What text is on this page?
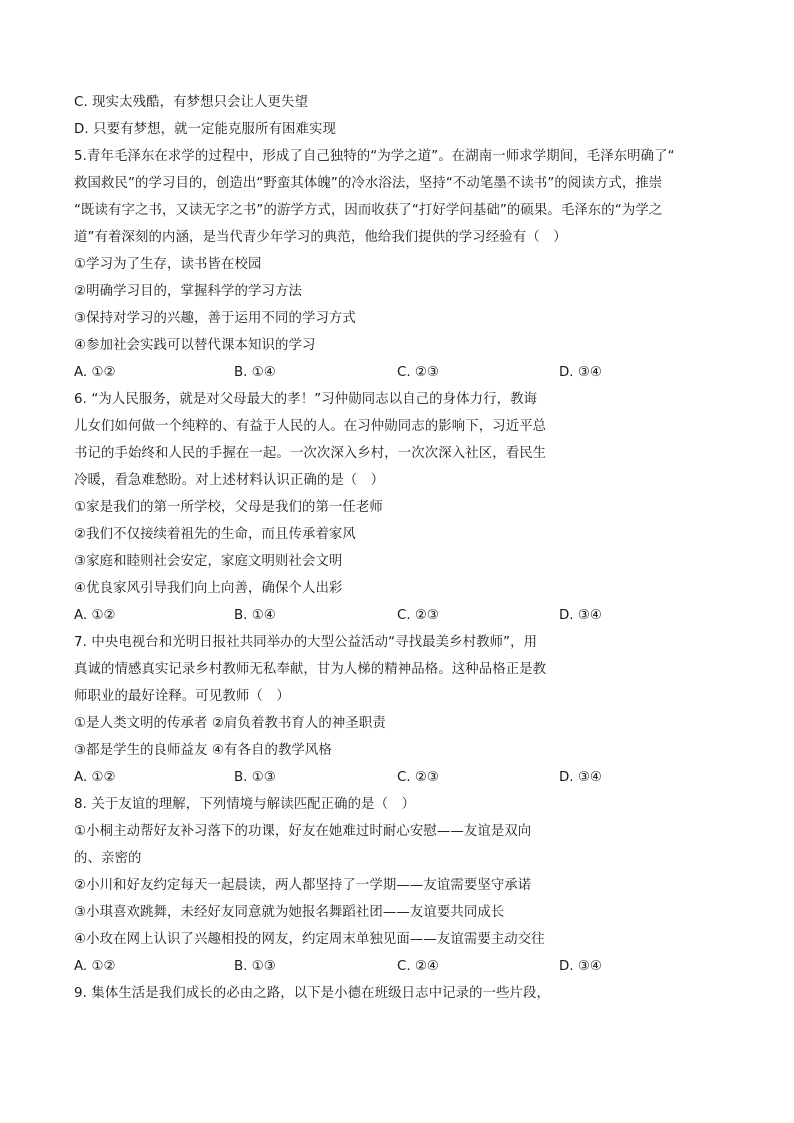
C. 现实太残酷，有梦想只会让人更失望
D. 只要有梦想，就一定能克服所有困难实现
5.青年毛泽东在求学的过程中，形成了自己独特的“为学之道”。在湖南一师求学期间，毛泽东明确了“
救国救民”的学习目的，创造出“野蛮其体魄”的冷水浴法，坚持“不动笔墨不读书”的阅读方式，推崇
“既读有字之书，又读无字之书”的游学方式，因而收获了“打好学问基础”的硕果。毛泽东的“为学之
道”有着深刻的内涵，是当代青少年学习的典范，他给我们提供的学习经验有（　）
①学习为了生存，读书皆在校园
②明确学习目的，掌握科学的学习方法
③保持对学习的兴趣，善于运用不同的学习方式
④参加社会实践可以替代课本知识的学习
A. ①②	B. ①④	C. ②③	D. ③④
6. “为人民服务，就是对父母最大的孝！”习仲勋同志以自己的身体力行，教诲
儿女们如何做一个纯粹的、有益于人民的人。在习仲勋同志的影响下，习近平总
书记的手始终和人民的手握在一起。一次次深入乡村，一次次深入社区，看民生
冷暖，看急难愁盼。对上述材料认识正确的是（　）
①家是我们的第一所学校，父母是我们的第一任老师
②我们不仅接续着祖先的生命，而且传承着家风
③家庭和睦则社会安定，家庭文明则社会文明
④优良家风引导我们向上向善，确保个人出彩
A. ①②	B. ①④	C. ②③	D. ③④
7. 中央电视台和光明日报社共同举办的大型公益活动“寻找最美乡村教师”，用
真诚的情感真实记录乡村教师无私奉献，甘为人梯的精神品格。这种品格正是教
师职业的最好诠释。可见教师（　）
①是人类文明的传承者 ②肩负着教书育人的神圣职责
③都是学生的良师益友 ④有各自的教学风格
A. ①②	B. ①③	C. ②③	D. ③④
8. 关于友谊的理解，下列情境与解读匹配正确的是（　）
①小桐主动帮好友补习落下的功课，好友在她难过时耐心安慰——友谊是双向
的、亲密的
②小川和好友约定每天一起晨读，两人都坚持了一学期——友谊需要坚守承诺
③小琪喜欢跳舞，未经好友同意就为她报名舞蹈社团——友谊要共同成长
④小玫在网上认识了兴趣相投的网友，约定周末单独见面——友谊需要主动交往
A. ①②	B. ①③	C. ②④	D. ③④
9. 集体生活是我们成长的必由之路，以下是小德在班级日志中记录的一些片段，
